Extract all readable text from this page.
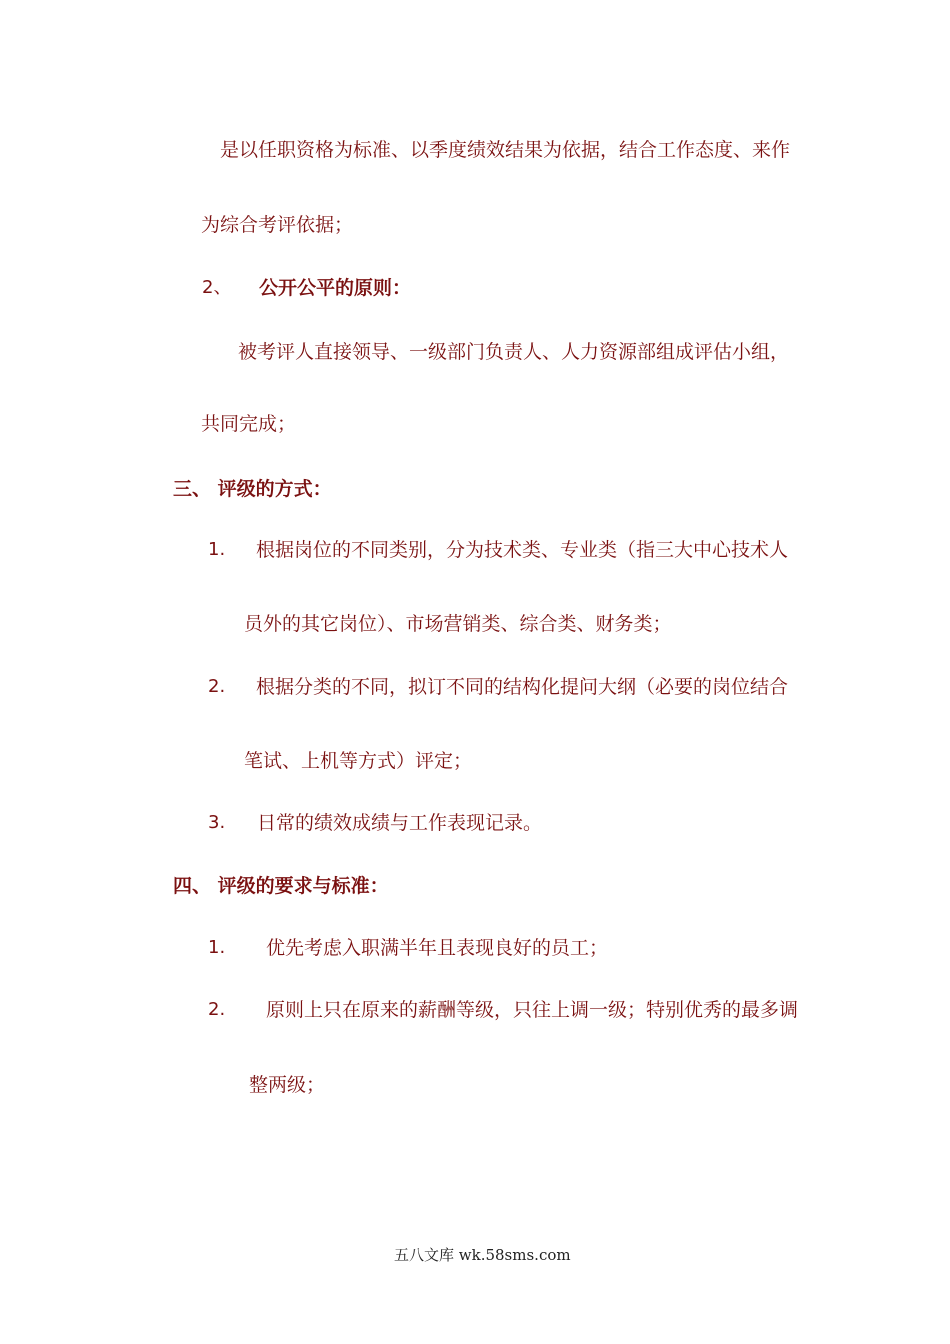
是以任职资格为标准、以季度绩效结果为依据，结合工作态度、来作
为综合考评依据；
2、 公开公平的原则：
被考评人直接领导、一级部门负责人、人力资源部组成评估小组，
共同完成；
三、 评级的方式：
1. 根据岗位的不同类别，分为技术类、专业类（指三大中心技术人
员外的其它岗位）、市场营销类、综合类、财务类；
2. 根据分类的不同，拟订不同的结构化提问大纲（必要的岗位结合
笔试、上机等方式）评定；
3. 日常的绩效成绩与工作表现记录。
四、 评级的要求与标准：
1. 优先考虑入职满半年且表现良好的员工；
2. 原则上只在原来的薪酬等级，只往上调一级；特别优秀的最多调
整两级；
五八文库 wk.58sms.com
